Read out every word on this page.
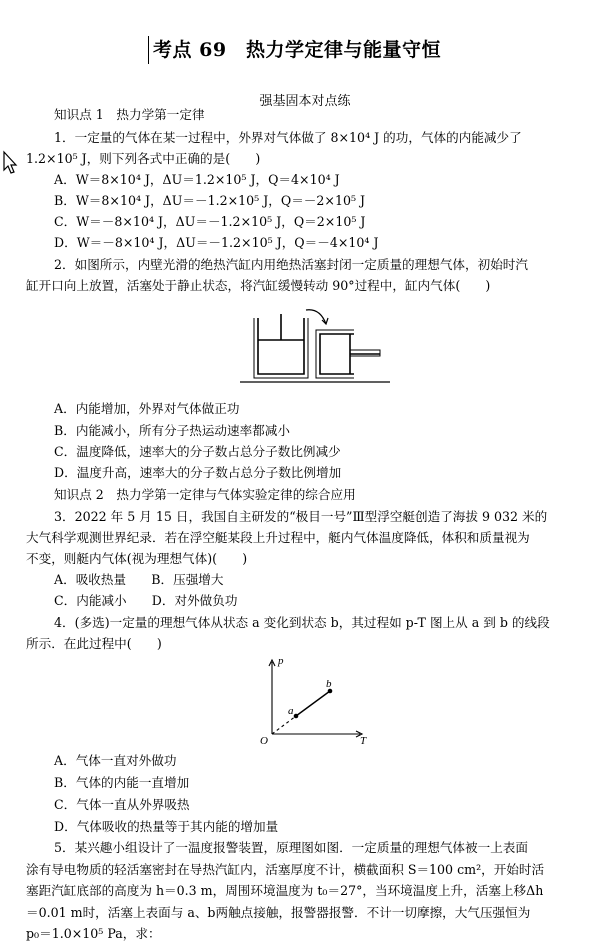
考点 69　热力学定律与能量守恒
强基固本对点练
知识点 1　热力学第一定律
1．一定量的气体在某一过程中，外界对气体做了 8×10⁴ J 的功，气体的内能减少了
1.2×10⁵ J，则下列各式中正确的是(　　)
A．W＝8×10⁴ J，ΔU＝1.2×10⁵ J，Q＝4×10⁴ J
B．W＝8×10⁴ J，ΔU＝－1.2×10⁵ J，Q＝－2×10⁵ J
C．W＝－8×10⁴ J，ΔU＝－1.2×10⁵ J，Q＝2×10⁵ J
D．W＝－8×10⁴ J，ΔU＝－1.2×10⁵ J，Q＝－4×10⁴ J
2．如图所示，内壁光滑的绝热汽缸内用绝热活塞封闭一定质量的理想气体，初始时汽
缸开口向上放置，活塞处于静止状态，将汽缸缓慢转动 90°过程中，缸内气体(　　)
A．内能增加，外界对气体做正功
B．内能减小，所有分子热运动速率都减小
C．温度降低，速率大的分子数占总分子数比例减少
D．温度升高，速率大的分子数占总分子数比例增加
知识点 2　热力学第一定律与气体实验定律的综合应用
3．2022 年 5 月 15 日，我国自主研发的“极目一号”Ⅲ型浮空艇创造了海拔 9 032 米的
大气科学观测世界纪录．若在浮空艇某段上升过程中，艇内气体温度降低，体积和质量视为
不变，则艇内气体(视为理想气体)(　　)
A．吸收热量　　B．压强增大
C．内能减小　　D．对外做负功
4．(多选)一定量的理想气体从状态 a 变化到状态 b，其过程如 p-T 图上从 a 到 b 的线段
所示．在此过程中(　　)
p
T
O
a
b
A．气体一直对外做功
B．气体的内能一直增加
C．气体一直从外界吸热
D．气体吸收的热量等于其内能的增加量
5．某兴趣小组设计了一温度报警装置，原理图如图．一定质量的理想气体被一上表面
涂有导电物质的轻活塞密封在导热汽缸内，活塞厚度不计，横截面积 S＝100 cm²，开始时活
塞距汽缸底部的高度为 h＝0.3 m，周围环境温度为 t₀＝27°，当环境温度上升，活塞上移Δh
＝0.01 m时，活塞上表面与 a、b两触点接触，报警器报警．不计一切摩擦，大气压强恒为
p₀＝1.0×10⁵ Pa，求：
